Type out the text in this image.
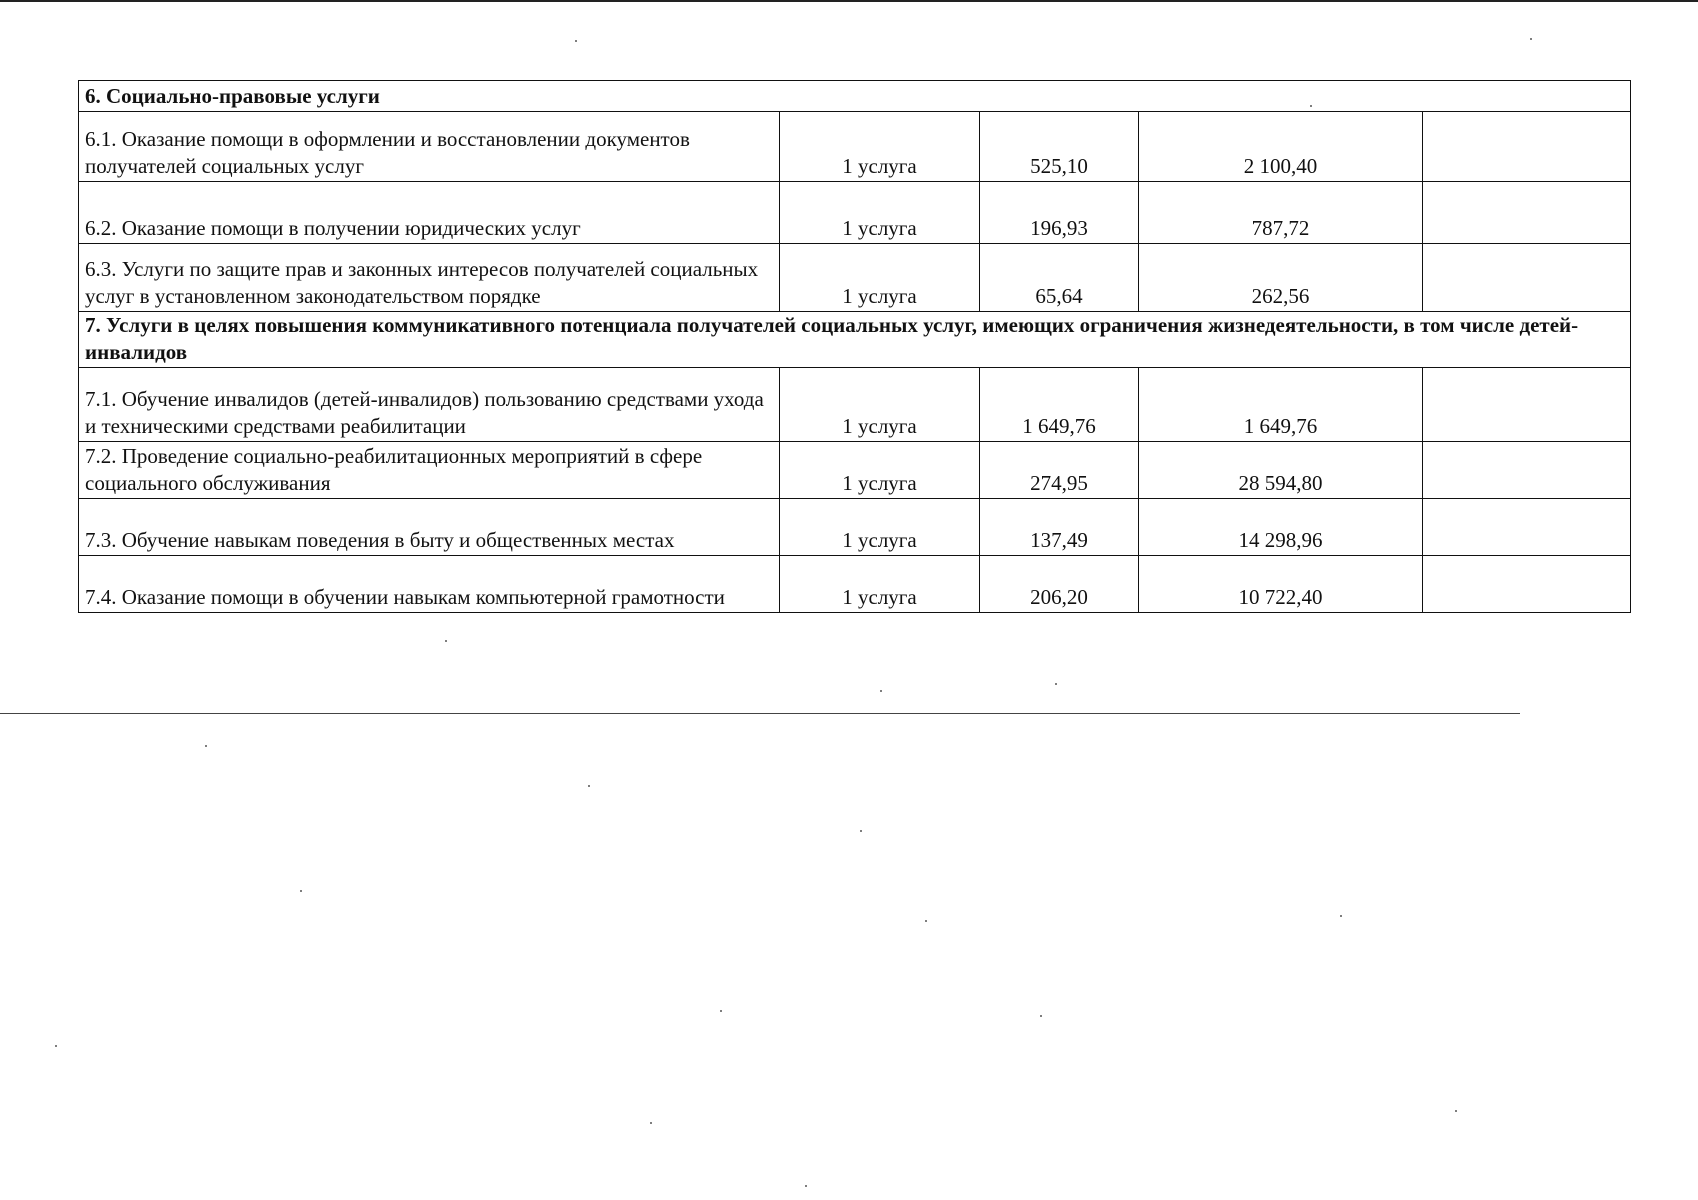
6. Социально-правовые услуги				
6.1. Оказание помощи в оформлении и восстановлении документов получателей социальных услуг	1 услуга	525,10	2 100,40	
6.2. Оказание помощи в получении юридических услуг	1 услуга	196,93	787,72	
6.3. Услуги по защите прав и законных интересов получателей социальных услуг в установленном законодательством порядке	1 услуга	65,64	262,56	
7. Услуги в целях повышения коммуникативного потенциала получателей социальных услуг, имеющих ограничения жизнедеятельности, в том числе детей-инвалидов				
7.1. Обучение инвалидов (детей-инвалидов) пользованию средствами ухода и техническими средствами реабилитации	1 услуга	1 649,76	1 649,76	
7.2. Проведение социально-реабилитационных мероприятий в сфере социального обслуживания	1 услуга	274,95	28 594,80	
7.3. Обучение навыкам поведения в быту и общественных местах	1 услуга	137,49	14 298,96	
7.4. Оказание помощи в обучении навыкам компьютерной грамотности	1 услуга	206,20	10 722,40	
